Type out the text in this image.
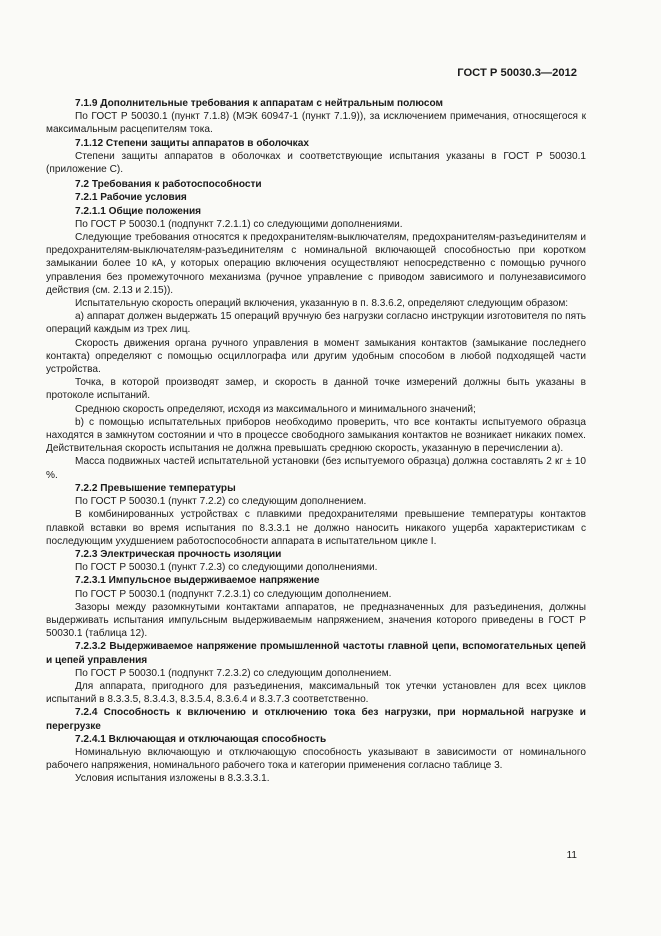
ГОСТ Р 50030.3—2012

7.1.9 Дополнительные требования к аппаратам с нейтральным полюсом

По ГОСТ Р 50030.1 (пункт 7.1.8) (МЭК 60947-1 (пункт 7.1.9)), за исключением примечания, относящегося к максимальным расцепителям тока.

7.1.12 Степени защиты аппаратов в оболочках

Степени защиты аппаратов в оболочках и соответствующие испытания указаны в ГОСТ Р 50030.1 (приложение С).

7.2 Требования к работоспособности

7.2.1 Рабочие условия

7.2.1.1 Общие положения

По ГОСТ Р 50030.1 (подпункт 7.2.1.1) со следующими дополнениями.

Следующие требования относятся к предохранителям-выключателям, предохранителям-разъединителям и предохранителям-выключателям-разъединителям с номинальной включающей способностью при коротком замыкании более 10 кА, у которых операцию включения осуществляют непосредственно с помощью ручного управления без промежуточного механизма (ручное управление с приводом зависимого и полунезависимого действия (см. 2.13 и 2.15)).

Испытательную скорость операций включения, указанную в п. 8.3.6.2, определяют следующим образом:

а) аппарат должен выдержать 15 операций вручную без нагрузки согласно инструкции изготовителя по пять операций каждым из трех лиц.

Скорость движения органа ручного управления в момент замыкания контактов (замыкание последнего контакта) определяют с помощью осциллографа или другим удобным способом в любой подходящей части устройства.

Точка, в которой производят замер, и скорость в данной точке измерений должны быть указаны в протоколе испытаний.

Среднюю скорость определяют, исходя из максимального и минимального значений;

b) с помощью испытательных приборов необходимо проверить, что все контакты испытуемого образца находятся в замкнутом состоянии и что в процессе свободного замыкания контактов не возникает никаких помех. Действительная скорость испытания не должна превышать среднюю скорость, указанную в перечислении а).

Масса подвижных частей испытательной установки (без испытуемого образца) должна составлять 2 кг ± 10 %.

7.2.2 Превышение температуры

По ГОСТ Р 50030.1 (пункт 7.2.2) со следующим дополнением.

В комбинированных устройствах с плавкими предохранителями превышение температуры контактов плавкой вставки во время испытания по 8.3.3.1 не должно наносить никакого ущерба характеристикам с последующим ухудшением работоспособности аппарата в испытательном цикле I.

7.2.3 Электрическая прочность изоляции

По ГОСТ Р 50030.1 (пункт 7.2.3) со следующими дополнениями.

7.2.3.1 Импульсное выдерживаемое напряжение

По ГОСТ Р 50030.1 (подпункт 7.2.3.1) со следующим дополнением.

Зазоры между разомкнутыми контактами аппаратов, не предназначенных для разъединения, должны выдерживать испытания импульсным выдерживаемым напряжением, значения которого приведены в ГОСТ Р 50030.1 (таблица 12).

7.2.3.2 Выдерживаемое напряжение промышленной частоты главной цепи, вспомогательных цепей и цепей управления

По ГОСТ Р 50030.1 (подпункт 7.2.3.2) со следующим дополнением.

Для аппарата, пригодного для разъединения, максимальный ток утечки установлен для всех циклов испытаний в 8.3.3.5, 8.3.4.3, 8.3.5.4, 8.3.6.4 и 8.3.7.3 соответственно.

7.2.4 Способность к включению и отключению тока без нагрузки, при нормальной нагрузке и перегрузке

7.2.4.1 Включающая и отключающая способность

Номинальную включающую и отключающую способность указывают в зависимости от номинального рабочего напряжения, номинального рабочего тока и категории применения согласно таблице 3.

Условия испытания изложены в 8.3.3.3.1.

11
